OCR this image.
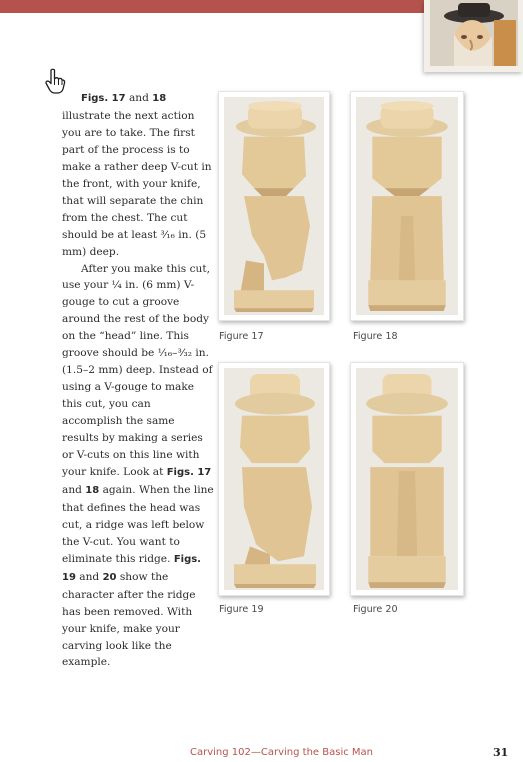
Figs. 17 and 18 illustrate the next action you are to take. The first part of the process is to make a rather deep V-cut in the front, with your knife, that will separate the chin from the chest. The cut should be at least ³⁄₁₆ in. (5 mm) deep.

After you make this cut, use your ¼ in. (6 mm) V-gouge to cut a groove around the rest of the body on the “head” line. This groove should be ¹⁄₁₆–³⁄₃₂ in. (1.5–2 mm) deep. Instead of using a V-gouge to make this cut, you can accomplish the same results by making a series or V-cuts on this line with your knife. Look at Figs. 17 and 18 again. When the line that defines the head was cut, a ridge was left below the V-cut. You want to eliminate this ridge. Figs. 19 and 20 show the character after the ridge has been removed. With your knife, make your carving look like the example.

Figure 17	Figure 18
Figure 19	Figure 20
Carving 102—Carving the Basic Man	31
